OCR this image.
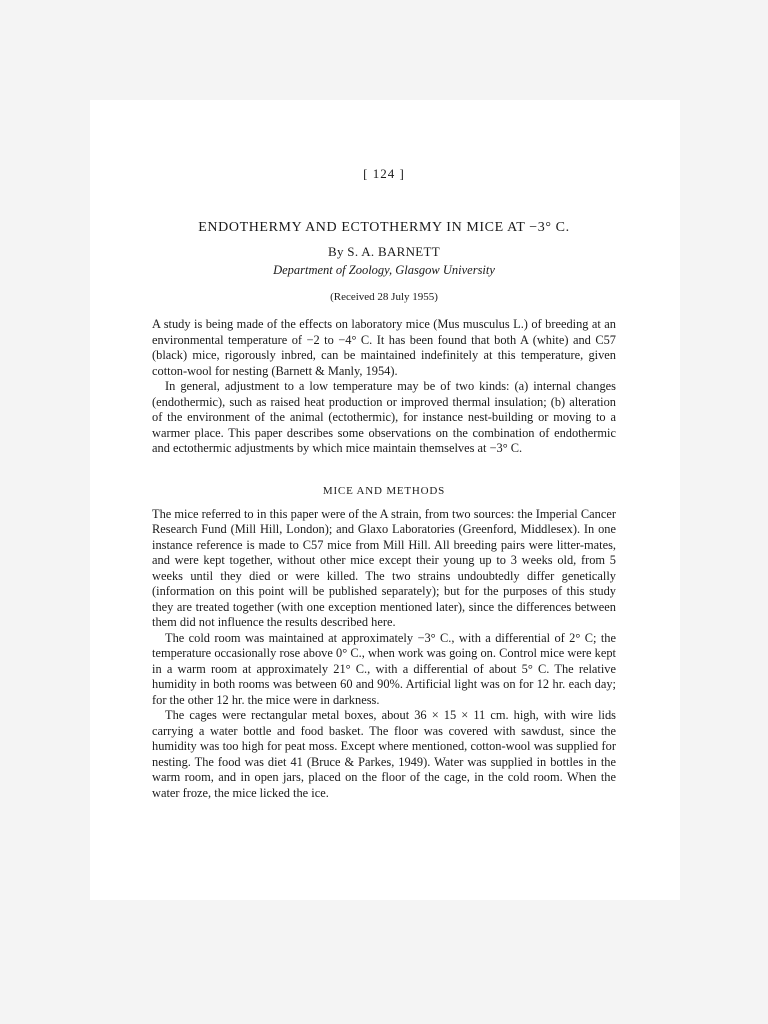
[ 124 ]
ENDOTHERMY AND ECTOTHERMY IN MICE AT −3° C.
By S. A. BARNETT
Department of Zoology, Glasgow University
(Received 28 July 1955)

A study is being made of the effects on laboratory mice (Mus musculus L.) of breeding at an environmental temperature of −2 to −4° C. It has been found that both A (white) and C57 (black) mice, rigorously inbred, can be maintained indefinitely at this temperature, given cotton-wool for nesting (Barnett & Manly, 1954).

In general, adjustment to a low temperature may be of two kinds: (a) internal changes (endothermic), such as raised heat production or improved thermal insulation; (b) alteration of the environment of the animal (ectothermic), for instance nest-building or moving to a warmer place. This paper describes some observations on the combination of endothermic and ectothermic adjustments by which mice maintain themselves at −3° C.

MICE AND METHODS

The mice referred to in this paper were of the A strain, from two sources: the Imperial Cancer Research Fund (Mill Hill, London); and Glaxo Laboratories (Greenford, Middlesex). In one instance reference is made to C57 mice from Mill Hill. All breeding pairs were litter-mates, and were kept together, without other mice except their young up to 3 weeks old, from 5 weeks until they died or were killed. The two strains undoubtedly differ genetically (information on this point will be published separately); but for the purposes of this study they are treated together (with one exception mentioned later), since the differences between them did not influence the results described here.

The cold room was maintained at approximately −3° C., with a differential of 2° C; the temperature occasionally rose above 0° C., when work was going on. Control mice were kept in a warm room at approximately 21° C., with a differential of about 5° C. The relative humidity in both rooms was between 60 and 90%. Artificial light was on for 12 hr. each day; for the other 12 hr. the mice were in darkness.

The cages were rectangular metal boxes, about 36 × 15 × 11 cm. high, with wire lids carrying a water bottle and food basket. The floor was covered with sawdust, since the humidity was too high for peat moss. Except where mentioned, cotton-wool was supplied for nesting. The food was diet 41 (Bruce & Parkes, 1949). Water was supplied in bottles in the warm room, and in open jars, placed on the floor of the cage, in the cold room. When the water froze, the mice licked the ice.
